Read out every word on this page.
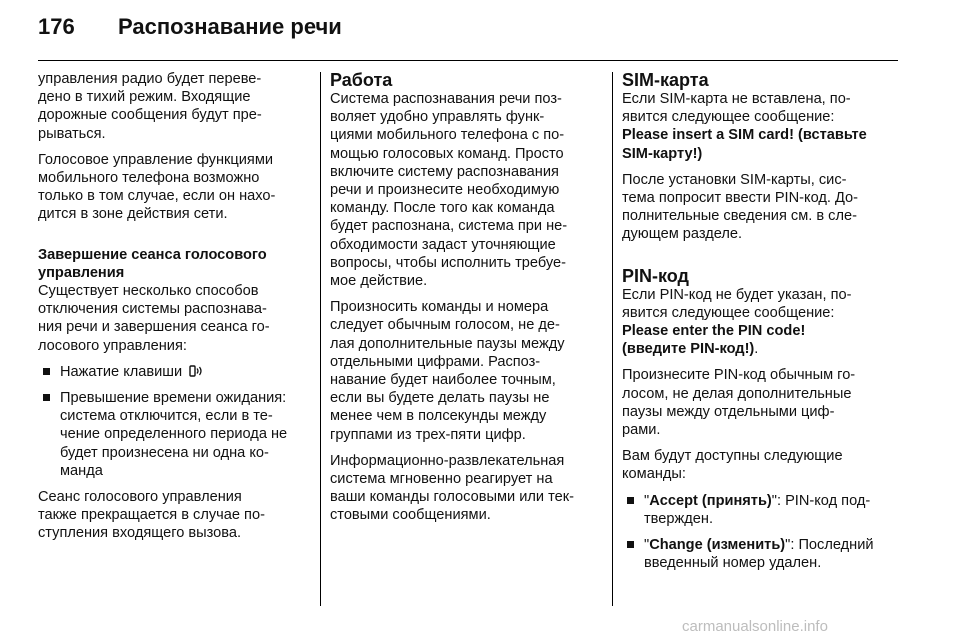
176	Распознавание речи

управления радио будет переве-
дено в тихий режим. Входящие
дорожные сообщения будут пре-
рываться.

Голосовое управление функциями
мобильного телефона возможно
только в том случае, если он нахо-
дится в зоне действия сети.

Завершение сеанса голосового
управления

Существует несколько способов
отключения системы распознава-
ния речи и завершения сеанса го-
лосового управления:

Нажатие клавиши
Превышение времени ожидания:
система отключится, если в те-
чение определенного периода не
будет произнесена ни одна ко-
манда

Сеанс голосового управления
также прекращается в случае по-
ступления входящего вызова.

Работа

Система распознавания речи поз-
воляет удобно управлять функ-
циями мобильного телефона с по-
мощью голосовых команд. Просто
включите систему распознавания
речи и произнесите необходимую
команду. После того как команда
будет распознана, система при не-
обходимости задаст уточняющие
вопросы, чтобы исполнить требуе-
мое действие.

Произносить команды и номера
следует обычным голосом, не де-
лая дополнительные паузы между
отдельными цифрами. Распоз-
навание будет наиболее точным,
если вы будете делать паузы не
менее чем в полсекунды между
группами из трех-пяти цифр.

Информационно-развлекательная
система мгновенно реагирует на
ваши команды голосовыми или тек-
стовыми сообщениями.

SIM-карта
Если SIM-карта не вставлена, по-
явится следующее сообщение:

Please insert a SIM card! (вставьте
SIM-карту!)

После установки SIM-карты, сис-
тема попросит ввести PIN-код. До-
полнительные сведения см. в сле-
дующем разделе.

PIN-код
Если PIN-код не будет указан, по-
явится следующее сообщение:

Please enter the PIN code!
(введите PIN-код!).

Произнесите PIN-код обычным го-
лосом, не делая дополнительные
паузы между отдельными циф-
рами.

Вам будут доступны следующие
команды:

"Accept (принять)": PIN-код под-
твержден.
"Change (изменить)": Последний
введенный номер удален.
carmanualsonline.info
